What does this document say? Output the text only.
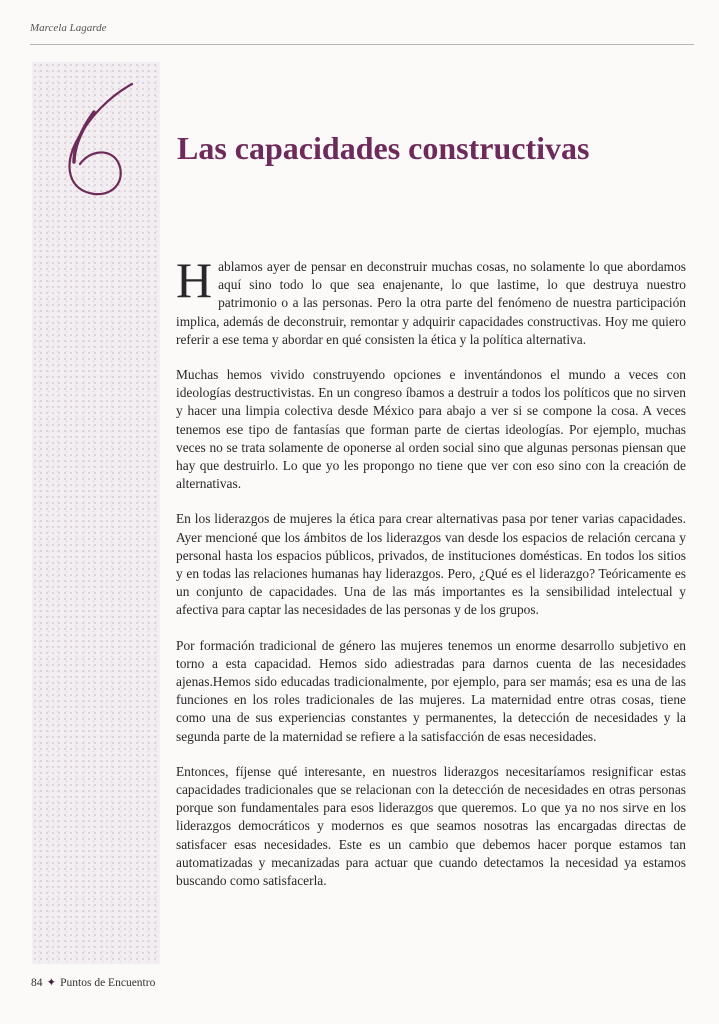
Marcela Lagarde
6
Las capacidades constructivas

Hablamos ayer de pensar en deconstruir muchas cosas, no solamente lo que abordamos aquí sino todo lo que sea enajenante, lo que lastime, lo que destruya nuestro patrimonio o a las personas. Pero la otra parte del fenómeno de nuestra participación implica, además de deconstruir, remontar y adquirir capacidades constructivas. Hoy me quiero referir a ese tema y abordar en qué consisten la ética y la política alternativa.

Muchas hemos vivido construyendo opciones e inventándonos el mundo a veces con ideologías destructivistas. En un congreso íbamos a destruir a todos los políticos que no sirven y hacer una limpia colectiva desde México para abajo a ver si se compone la cosa. A veces tenemos ese tipo de fantasías que forman parte de ciertas ideologías. Por ejemplo, muchas veces no se trata solamente de oponerse al orden social sino que algunas personas piensan que hay que destruirlo. Lo que yo les propongo no tiene que ver con eso sino con la creación de alternativas.

En los liderazgos de mujeres la ética para crear alternativas pasa por tener varias capacidades. Ayer mencioné que los ámbitos de los liderazgos van desde los espacios de relación cercana y personal hasta los espacios públicos, privados, de instituciones domésticas. En todos los sitios y en todas las relaciones humanas hay liderazgos. Pero, ¿Qué es el liderazgo? Teóricamente es un conjunto de capacidades. Una de las más importantes es la sensibilidad intelectual y afectiva para captar las necesidades de las personas y de los grupos.

Por formación tradicional de género las mujeres tenemos un enorme desarrollo subjetivo en torno a esta capacidad. Hemos sido adiestradas para darnos cuenta de las necesidades ajenas.Hemos sido educadas tradicionalmente, por ejemplo, para ser mamás; esa es una de las funciones en los roles tradicionales de las mujeres. La maternidad entre otras cosas, tiene como una de sus experiencias constantes y permanentes, la detección de necesidades y la segunda parte de la maternidad se refiere a la satisfacción de esas necesidades.

Entonces, fíjense qué interesante, en nuestros liderazgos necesitaríamos resignificar estas capacidades tradicionales que se relacionan con la detección de necesidades en otras personas porque son fundamentales para esos liderazgos que queremos. Lo que ya no nos sirve en los liderazgos democráticos y modernos es que seamos nosotras las encargadas directas de satisfacer esas necesidades. Este es un cambio que debemos hacer porque estamos tan automatizadas y mecanizadas para actuar que cuando detectamos la necesidad ya estamos buscando como satisfacerla.

84 ✦ Puntos de Encuentro
